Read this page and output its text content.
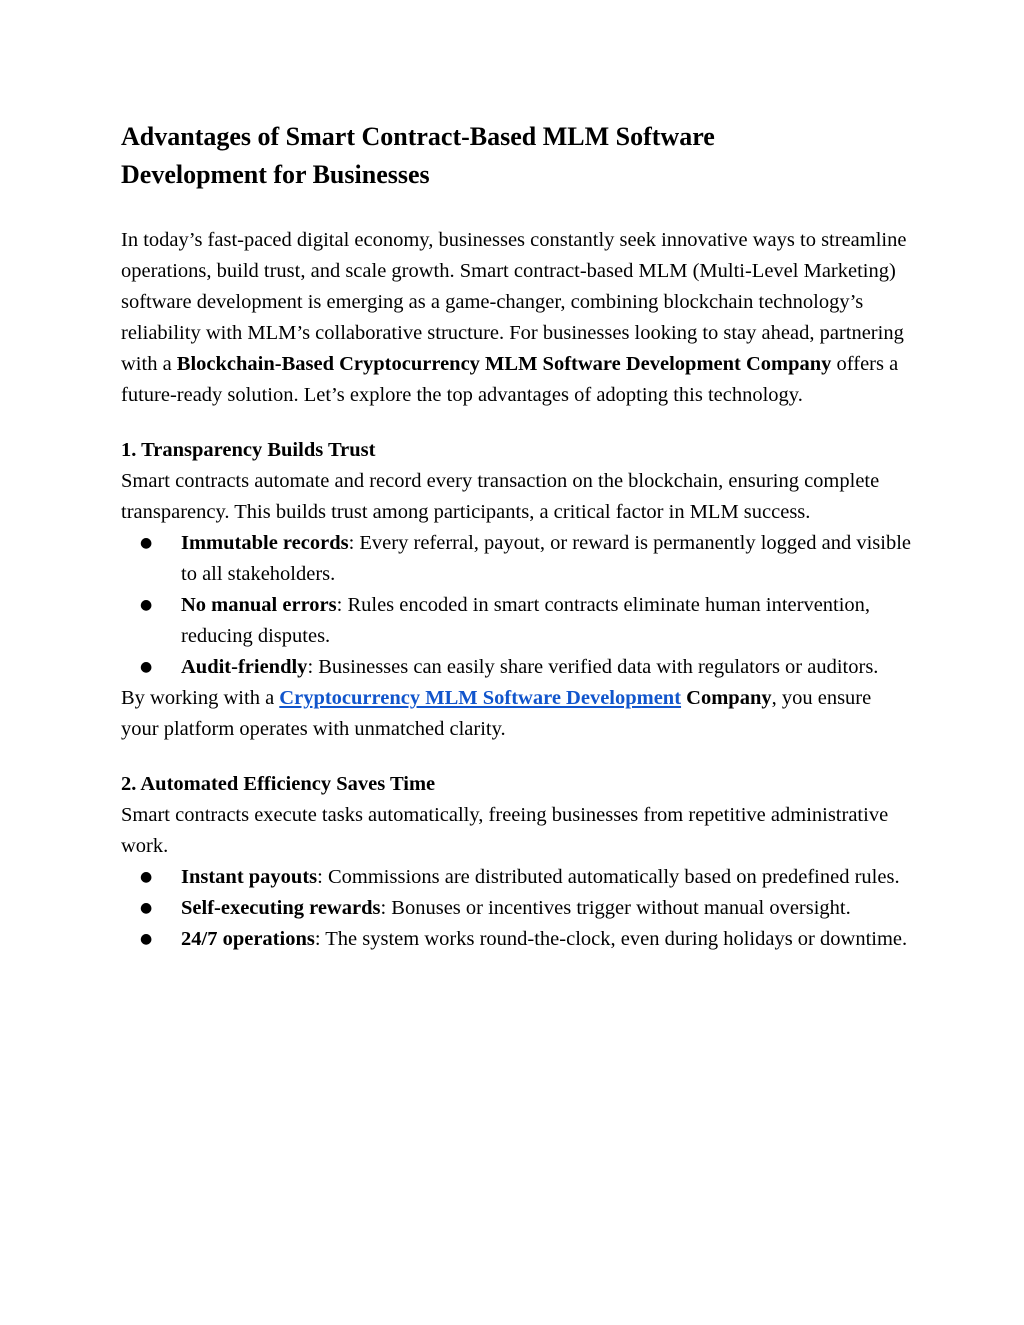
Advantages of Smart Contract-Based MLM Software Development for Businesses

In today’s fast-paced digital economy, businesses constantly seek innovative ways to streamline operations, build trust, and scale growth. Smart contract-based MLM (Multi-Level Marketing) software development is emerging as a game-changer, combining blockchain technology’s reliability with MLM’s collaborative structure. For businesses looking to stay ahead, partnering with a Blockchain-Based Cryptocurrency MLM Software Development Company offers a future-ready solution. Let’s explore the top advantages of adopting this technology.

1. Transparency Builds Trust

Smart contracts automate and record every transaction on the blockchain, ensuring complete transparency. This builds trust among participants, a critical factor in MLM success.

● Immutable records: Every referral, payout, or reward is permanently logged and visible to all stakeholders.
● No manual errors: Rules encoded in smart contracts eliminate human intervention, reducing disputes.
● Audit-friendly: Businesses can easily share verified data with regulators or auditors.

By working with a Cryptocurrency MLM Software Development Company, you ensure your platform operates with unmatched clarity.

2. Automated Efficiency Saves Time

Smart contracts execute tasks automatically, freeing businesses from repetitive administrative work.

● Instant payouts: Commissions are distributed automatically based on predefined rules.
● Self-executing rewards: Bonuses or incentives trigger without manual oversight.
● 24/7 operations: The system works round-the-clock, even during holidays or downtime.
